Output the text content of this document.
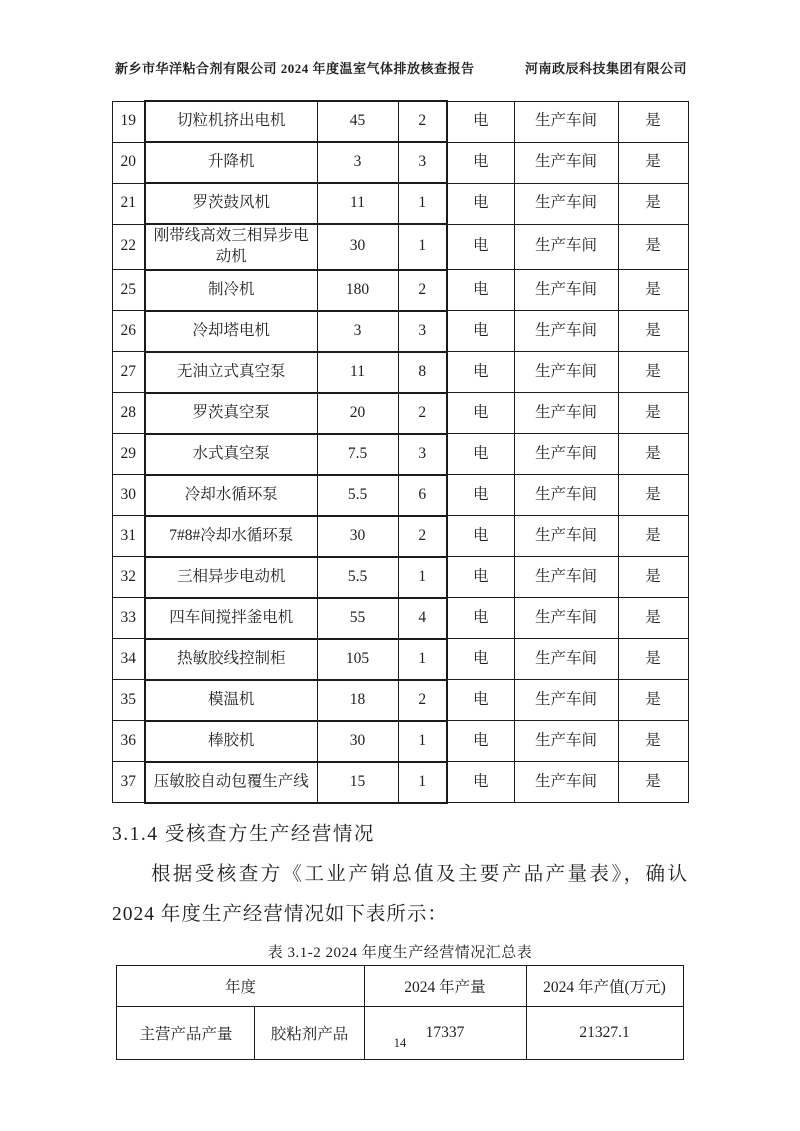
新乡市华洋粘合剂有限公司 2024 年度温室气体排放核查报告	河南政辰科技集团有限公司
19	切粒机挤出电机	45	2	电	生产车间	是
20	升降机	3	3	电	生产车间	是
21	罗茨鼓风机	11	1	电	生产车间	是
22	刚带线高效三相异步电动机	30	1	电	生产车间	是
25	制冷机	180	2	电	生产车间	是
26	冷却塔电机	3	3	电	生产车间	是
27	无油立式真空泵	11	8	电	生产车间	是
28	罗茨真空泵	20	2	电	生产车间	是
29	水式真空泵	7.5	3	电	生产车间	是
30	冷却水循环泵	5.5	6	电	生产车间	是
31	7#8#冷却水循环泵	30	2	电	生产车间	是
32	三相异步电动机	5.5	1	电	生产车间	是
33	四车间搅拌釜电机	55	4	电	生产车间	是
34	热敏胶线控制柜	105	1	电	生产车间	是
35	模温机	18	2	电	生产车间	是
36	棒胶机	30	1	电	生产车间	是
37	压敏胶自动包覆生产线	15	1	电	生产车间	是
3.1.4 受核查方生产经营情况
根据受核查方《工业产销总值及主要产品产量表》，确认 2024 年度生产经营情况如下表所示：
表 3.1-2 2024 年度生产经营情况汇总表
年度		2024 年产量	2024 年产值(万元)
主营产品产量	胶粘剂产品	17337	21327.1
14
